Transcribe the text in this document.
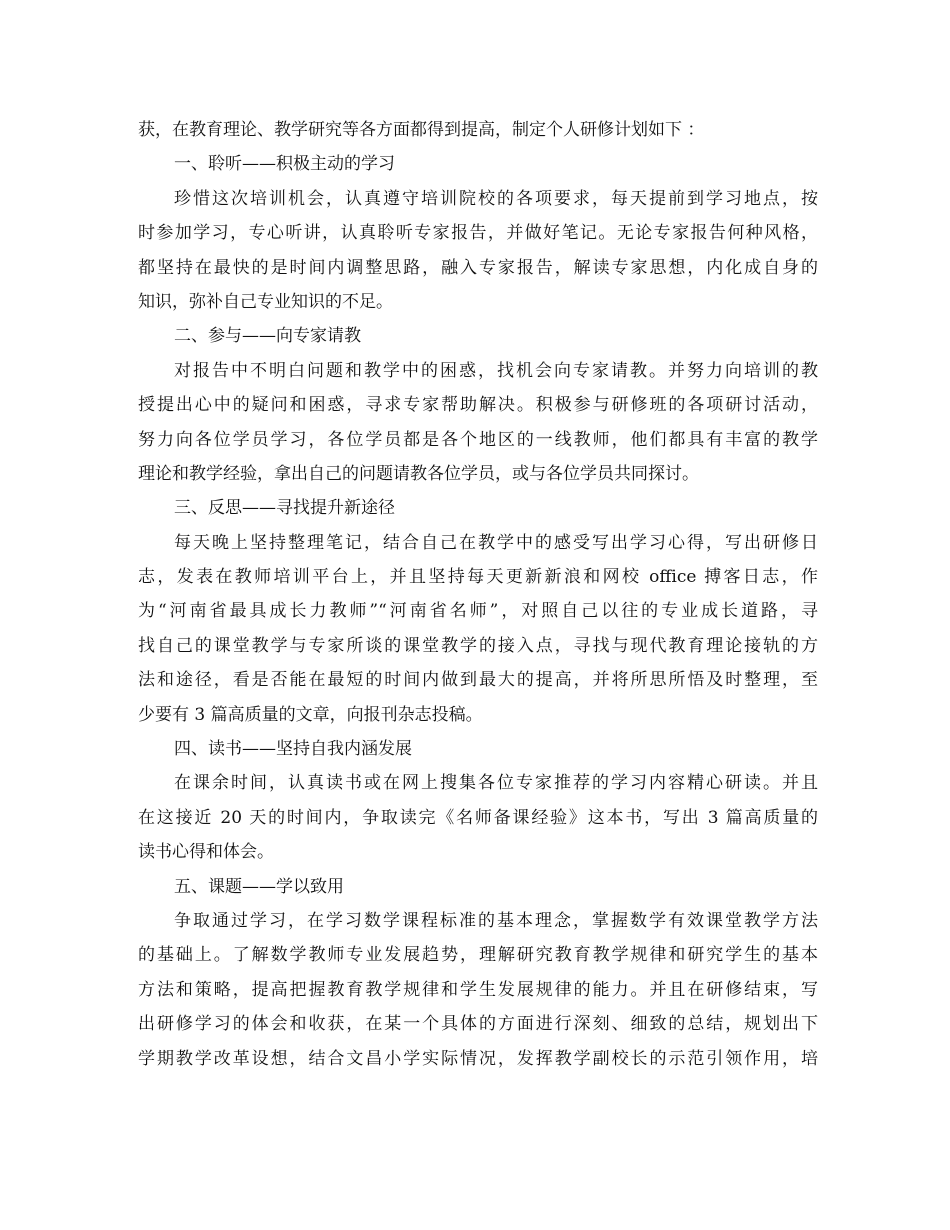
获，在教育理论、教学研究等各方面都得到提高，制定个人研修计划如下 ：
一、聆听——积极主动的学习
珍惜这次培训机会，认真遵守培训院校的各项要求，每天提前到学习地点，按
时参加学习，专心听讲，认真聆听专家报告，并做好笔记。无论专家报告何种风格，
都坚持在最快的是时间内调整思路，融入专家报告，解读专家思想，内化成自身的
知识，弥补自己专业知识的不足。
二、参与——向专家请教
对报告中不明白问题和教学中的困惑，找机会向专家请教。并努力向培训的教
授提出心中的疑问和困惑，寻求专家帮助解决。积极参与研修班的各项研讨活动，
努力向各位学员学习，各位学员都是各个地区的一线教师，他们都具有丰富的教学
理论和教学经验，拿出自己的问题请教各位学员，或与各位学员共同探讨。
三、反思——寻找提升新途径
每天晚上坚持整理笔记，结合自己在教学中的感受写出学习心得，写出研修日
志，发表在教师培训平台上，并且坚持每天更新新浪和网校 office 搏客日志，作
为“河南省最具成长力教师”“河南省名师”，对照自己以往的专业成长道路，寻
找自己的课堂教学与专家所谈的课堂教学的接入点，寻找与现代教育理论接轨的方
法和途径，看是否能在最短的时间内做到最大的提高，并将所思所悟及时整理，至
少要有 3 篇高质量的文章，向报刊杂志投稿。
四、读书——坚持自我内涵发展
在课余时间，认真读书或在网上搜集各位专家推荐的学习内容精心研读。并且
在这接近 20 天的时间内，争取读完《名师备课经验》这本书，写出 3 篇高质量的
读书心得和体会。
五、课题——学以致用
争取通过学习，在学习数学课程标准的基本理念，掌握数学有效课堂教学方法
的基础上。了解数学教师专业发展趋势，理解研究教育教学规律和研究学生的基本
方法和策略，提高把握教育教学规律和学生发展规律的能力。并且在研修结束，写
出研修学习的体会和收获，在某一个具体的方面进行深刻、细致的总结，规划出下
学期教学改革设想，结合文昌小学实际情况，发挥教学副校长的示范引领作用，培
